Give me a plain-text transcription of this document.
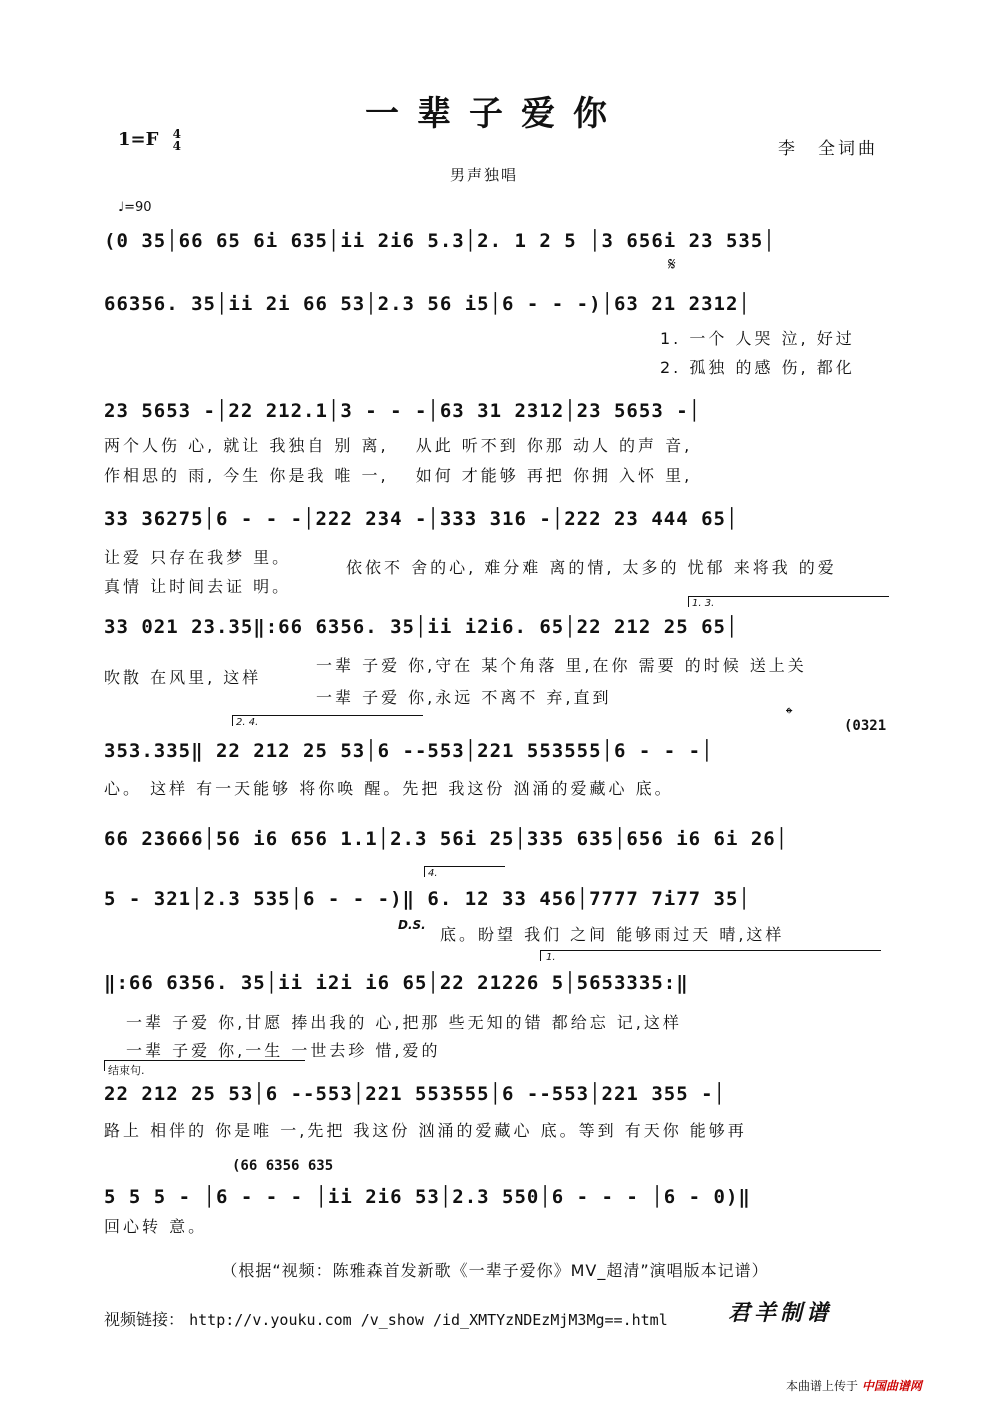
一辈子爱你
1=F 4
4	李　全词曲
男声独唱
♩=90
(0 35│66 65 6i 635│ii 2i6 5.3│2. 1 2 5 │3 656i 23 535│
𝄋
66356. 35│ii 2i 66 53│2.3 56 i5│6 - - -)│63 21 2312│
1. 一个 人哭 泣, 好过
2. 孤独 的感 伤, 都化
23 5653 -│22 212.1│3 - - -│63 31 2312│23 5653 -│
两个人伤 心, 就让 我独自 别 离,　 从此 听不到 你那 动人 的声 音,
作相思的 雨, 今生 你是我 唯 一,　 如何 才能够 再把 你拥 入怀 里,
33 36275│6 - - -│222 234 -│333 316 -│222 23 444 65│
让爱 只存在我梦 里。
真情 让时间去证 明。
依依不 舍的心, 难分难 离的情, 太多的 忧郁 来将我 的爱
1. 3.
33 021 23.35‖:66 6356. 35│ii i2i6. 65│22 212 25 65│
吹散 在风里, 这样
一辈 子爱 你,守在 某个角落 里,在你 需要 的时候 送上关
一辈 子爱 你,永远 不离不 弃,直到
2. 4.	𝄌
(0321
353.335‖ 22 212 25 53│6 --553│221 553555│6 - - -│
心。 这样 有一天能够 将你唤 醒。先把 我这份 汹涌的爱藏心 底。
66 23666│56 i6 656 1.1│2.3 56i 25│335 635│656 i6 6i 26│
4.
5 - 321│2.3 535│6 - - -)‖ 6. 12 33 456│7777 7i77 35│
D.S. 底。盼望 我们 之间 能够雨过天 晴,这样
1.
‖:66 6356. 35│ii i2i i6 65│22 21226 5│5653335:‖
一辈 子爱 你,甘愿 捧出我的 心,把那 些无知的错 都给忘 记,这样
一辈 子爱 你,一生 一世去珍 惜,爱的
结束句.
22 212 25 53│6 --553│221 553555│6 --553│221 355 -│
路上 相伴的 你是唯 一,先把 我这份 汹涌的爱藏心 底。等到 有天你 能够再
(66 6356 635
5 5 5 - │6 - - - │ii 2i6 53│2.3 550│6 - - - │6 - 0)‖
回心转 意。
（根据“视频：陈雅森首发新歌《一辈子爱你》MV_超清”演唱版本记谱）
视频链接： http://v.youku.com /v_show /id_XMTYzNDEzMjM3Mg==.html	君羊制谱
本曲谱上传于 中国曲谱网
